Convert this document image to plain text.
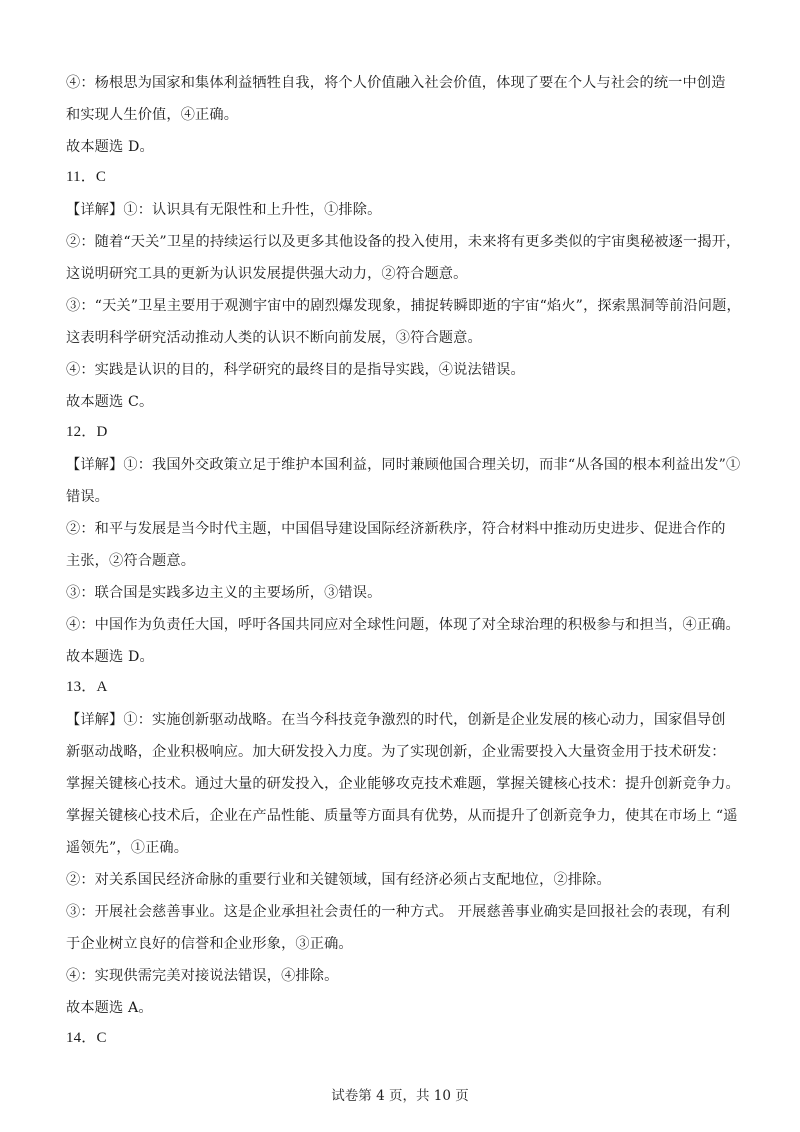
④：杨根思为国家和集体利益牺牲自我，将个人价值融入社会价值，体现了要在个人与社会的统一中创造
和实现人生价值，④正确。
故本题选 D。
11．C
【详解】①：认识具有无限性和上升性，①排除。
②：随着“天关”卫星的持续运行以及更多其他设备的投入使用，未来将有更多类似的宇宙奥秘被逐一揭开，
这说明研究工具的更新为认识发展提供强大动力，②符合题意。
③：“天关”卫星主要用于观测宇宙中的剧烈爆发现象，捕捉转瞬即逝的宇宙“焰火”，探索黑洞等前沿问题，
这表明科学研究活动推动人类的认识不断向前发展，③符合题意。
④：实践是认识的目的，科学研究的最终目的是指导实践，④说法错误。
故本题选 C。
12．D
【详解】①：我国外交政策立足于维护本国利益，同时兼顾他国合理关切，而非“从各国的根本利益出发”①
错误。
②：和平与发展是当今时代主题，中国倡导建设国际经济新秩序，符合材料中推动历史进步、促进合作的
主张，②符合题意。
③：联合国是实践多边主义的主要场所，③错误。
④：中国作为负责任大国，呼吁各国共同应对全球性问题，体现了对全球治理的积极参与和担当，④正确。
故本题选 D。
13．A
【详解】①：实施创新驱动战略。在当今科技竞争激烈的时代，创新是企业发展的核心动力，国家倡导创
新驱动战略，企业积极响应。加大研发投入力度。为了实现创新，企业需要投入大量资金用于技术研发：
掌握关键核心技术。通过大量的研发投入，企业能够攻克技术难题，掌握关键核心技术：提升创新竞争力。
掌握关键核心技术后，企业在产品性能、质量等方面具有优势，从而提升了创新竞争力，使其在市场上 “遥
遥领先”，①正确。
②：对关系国民经济命脉的重要行业和关键领域，国有经济必须占支配地位，②排除。
③：开展社会慈善事业。这是企业承担社会责任的一种方式。 开展慈善事业确实是回报社会的表现，有利
于企业树立良好的信誉和企业形象，③正确。
④：实现供需完美对接说法错误，④排除。
故本题选 A。
14．C
试卷第 4 页，共 10 页
